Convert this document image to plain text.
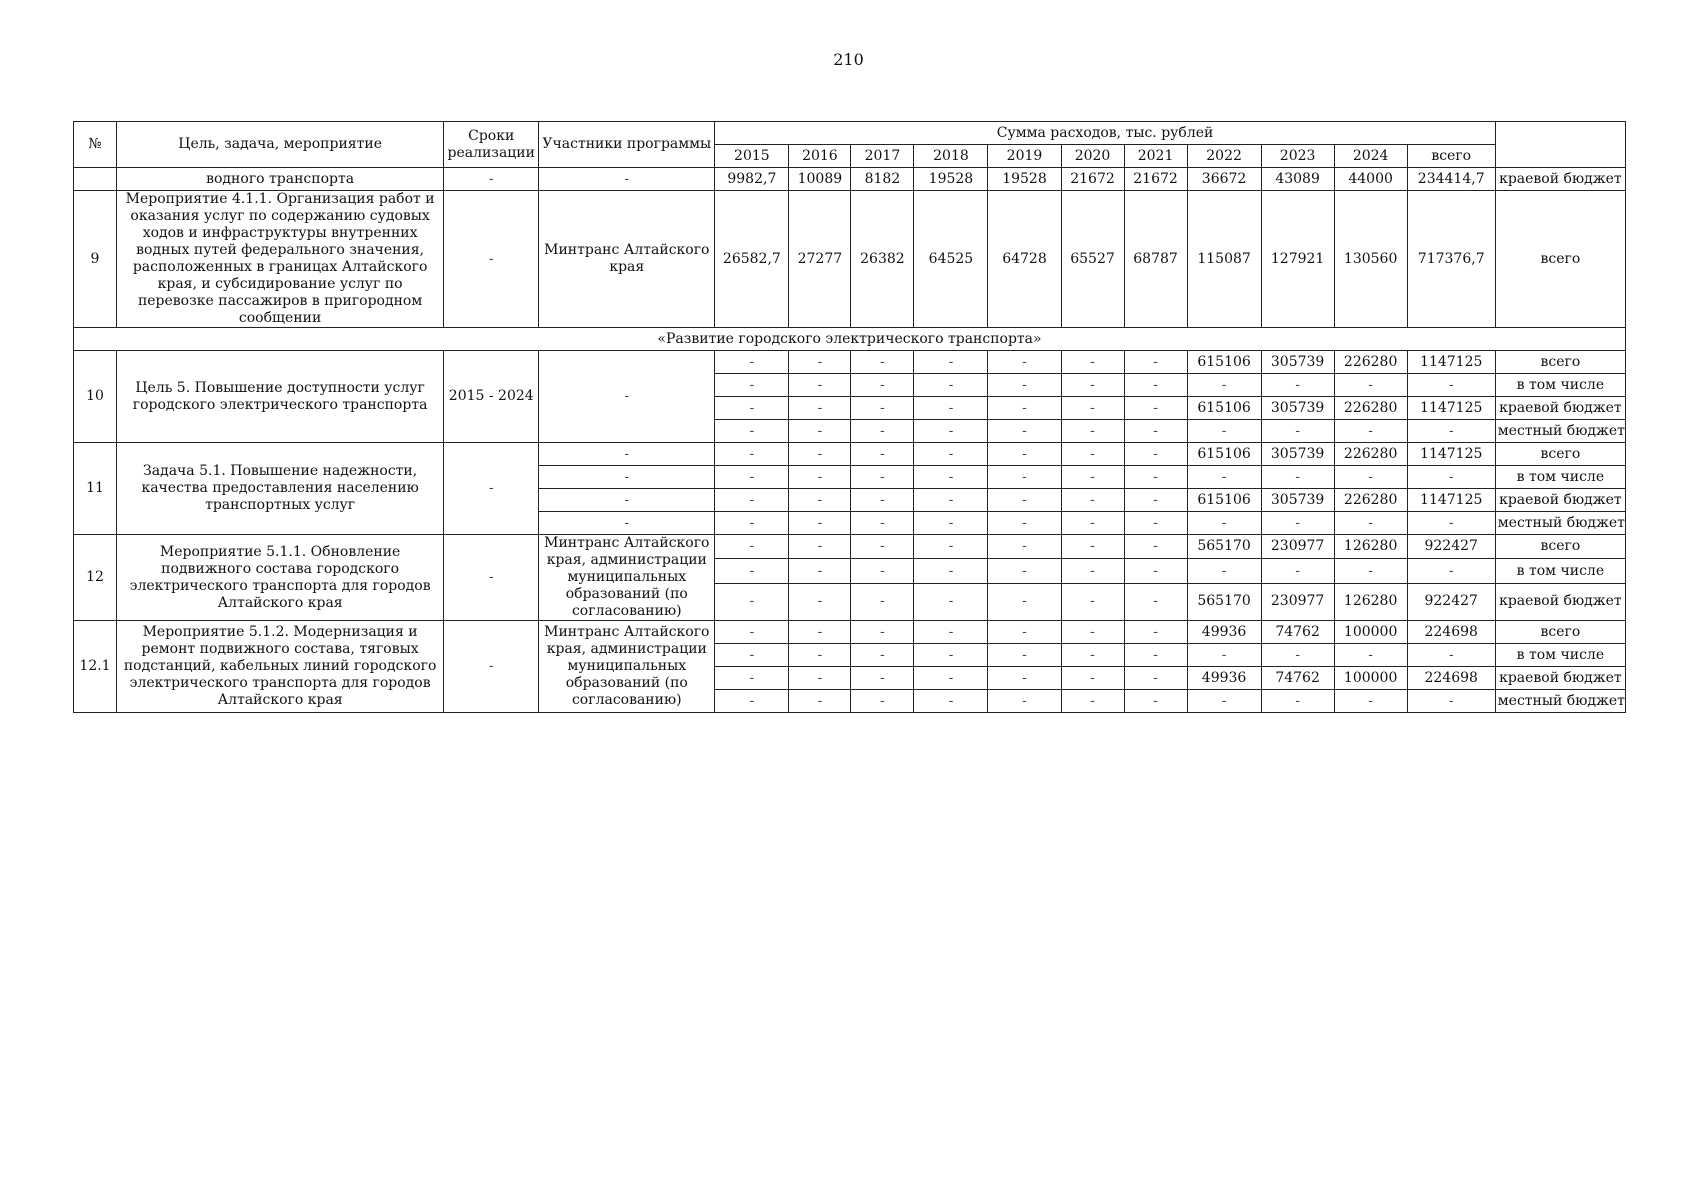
210
№	Цель, задача, мероприятие	Сроки реализации	Участники программы	Сумма расходов, тыс. рублей											
				2015	2016	2017	2018	2019	2020	2021	2022	2023	2024	всего	
	водного транспорта	-	-	9982,7	10089	8182	19528	19528	21672	21672	36672	43089	44000	234414,7	краевой бюджет
9	Мероприятие 4.1.1. Организация работ и оказания услуг по содержанию судовых ходов и инфраструктуры внутренних водных путей федерального значения, расположенных в границах Алтайского края, и субсидирование услуг по перевозке пассажиров в пригородном сообщении	-	Минтранс Алтайского края	26582,7	27277	26382	64525	64728	65527	68787	115087	127921	130560	717376,7	всего
«Развитие городского электрического транспорта»															
10	Цель 5. Повышение доступности услуг городского электрического транспорта	2015 - 2024	-	-	-	-	-	-	-	-	615106	305739	226280	1147125	всего
				-	-	-	-	-	-	-	-	-	-	-	в том числе
				-	-	-	-	-	-	-	615106	305739	226280	1147125	краевой бюджет
				-	-	-	-	-	-	-	-	-	-	-	местный бюджет
11	Задача 5.1. Повышение надежности, качества предоставления населению транспортных услуг	-	-	-	-	-	-	-	-	-	615106	305739	226280	1147125	всего
			-	-	-	-	-	-	-	-	-	-	-	-	в том числе
			-	-	-	-	-	-	-	-	615106	305739	226280	1147125	краевой бюджет
			-	-	-	-	-	-	-	-	-	-	-	-	местный бюджет
12	Мероприятие 5.1.1. Обновление подвижного состава городского электрического транспорта для городов Алтайского края	-	Минтранс Алтайского края, администрации муниципальных образований (по согласованию)	-	-	-	-	-	-	-	565170	230977	126280	922427	всего
				-	-	-	-	-	-	-	-	-	-	-	в том числе
				-	-	-	-	-	-	-	565170	230977	126280	922427	краевой бюджет
12.1	Мероприятие 5.1.2. Модернизация и ремонт подвижного состава, тяговых подстанций, кабельных линий городского электрического транспорта для городов Алтайского края	-	Минтранс Алтайского края, администрации муниципальных образований (по согласованию)	-	-	-	-	-	-	-	49936	74762	100000	224698	всего
				-	-	-	-	-	-	-	-	-	-	-	в том числе
				-	-	-	-	-	-	-	49936	74762	100000	224698	краевой бюджет
				-	-	-	-	-	-	-	-	-	-	-	местный бюджет
